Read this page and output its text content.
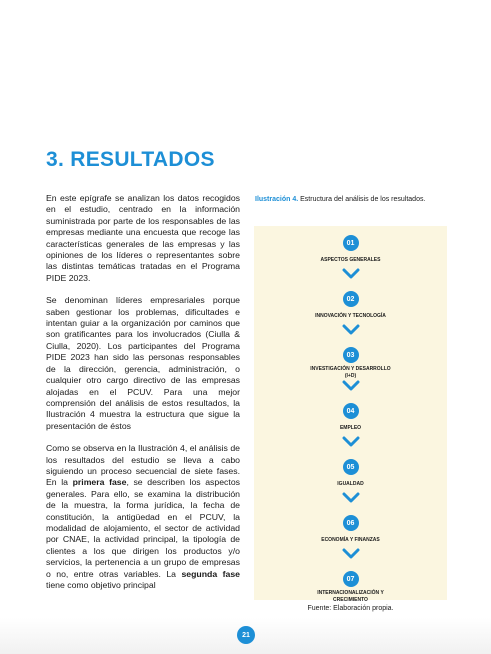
3. RESULTADOS

En este epígrafe se analizan los datos recogidos en el estudio, centrado en la información suministrada por parte de los responsables de las empresas mediante una encuesta que recoge las características generales de las empresas y las opiniones de los líderes o representantes sobre las distintas temáticas tratadas en el Programa PIDE 2023.

Se denominan líderes empresariales porque saben gestionar los problemas, dificultades e intentan guiar a la organización por caminos que son gratificantes para los involucrados (Ciulla & Ciulla, 2020). Los participantes del Programa PIDE 2023 han sido las personas responsables de la dirección, gerencia, administración, o cualquier otro cargo directivo de las empresas alojadas en el PCUV. Para una mejor comprensión del análisis de estos resultados, la Ilustración 4 muestra la estructura que sigue la presentación de éstos

Como se observa en la Ilustración 4, el análisis de los resultados del estudio se lleva a cabo siguiendo un proceso secuencial de siete fases. En la primera fase, se describen los aspectos generales. Para ello, se examina la distribución de la muestra, la forma jurídica, la fecha de constitución, la antigüedad en el PCUV, la modalidad de alojamiento, el sector de actividad por CNAE, la actividad principal, la tipología de clientes a los que dirigen los productos y/o servicios, la pertenencia a un grupo de empresas o no, entre otras variables. La segunda fase tiene como objetivo principal

Ilustración 4. Estructura del análisis de los resultados.
01
ASPECTOS GENERALES
02
INNOVACIÓN Y TECNOLOGÍA
03
INVESTIGACIÓN Y DESARROLLO (I+D)
04
EMPLEO
05
IGUALDAD
06
ECONOMÍA Y FINANZAS
07
INTERNACIONALIZACIÓN Y CRECIMIENTO
Fuente: Elaboración propia.
21
